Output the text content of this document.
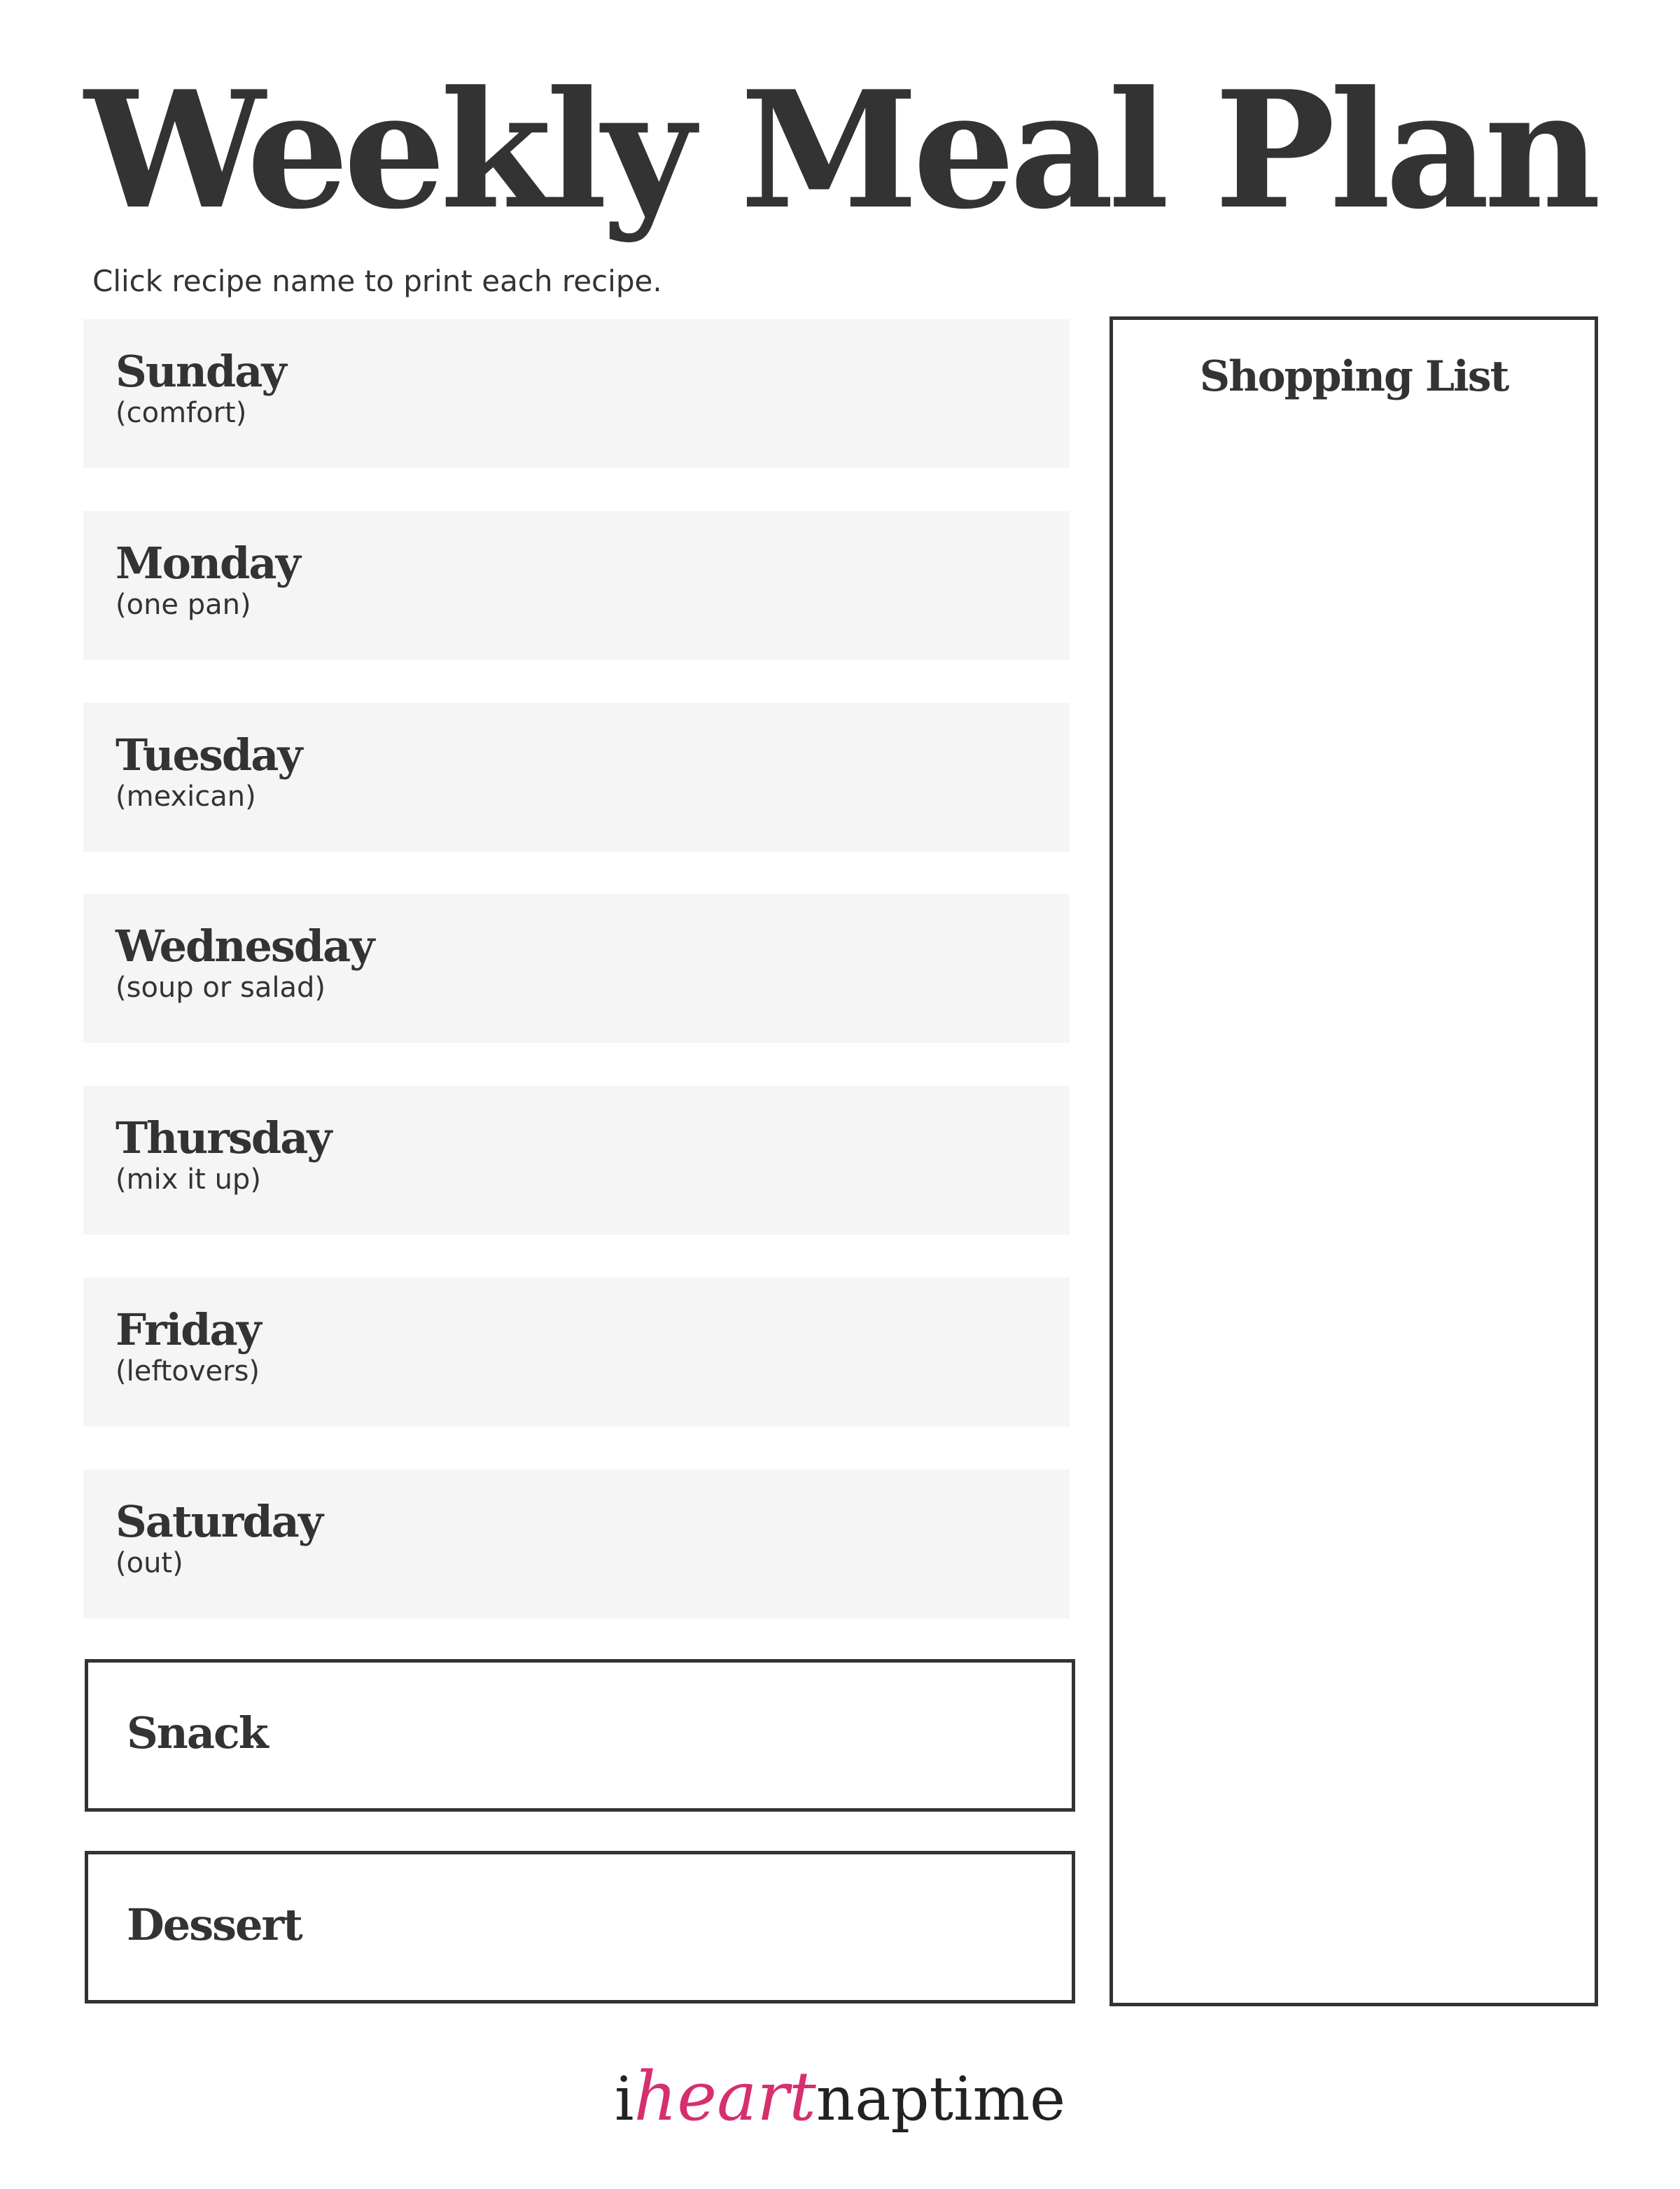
Weekly Meal Plan
Click recipe name to print each recipe.
Sunday
(comfort)
Monday
(one pan)
Tuesday
(mexican)
Wednesday
(soup or salad)
Thursday
(mix it up)
Friday
(leftovers)
Saturday
(out)
Snack
Dessert
Shopping List
iheartnaptime
